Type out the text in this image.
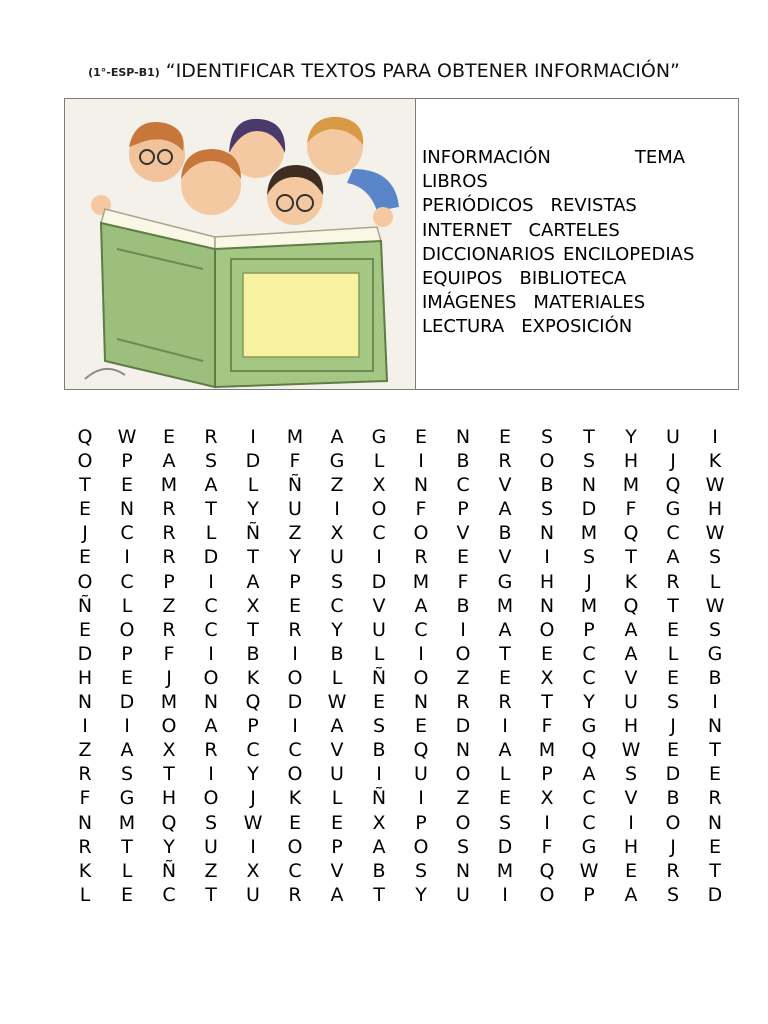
(1°-ESP-B1) “IDENTIFICAR TEXTOS PARA OBTENER INFORMACIÓN”
INFORMACIÓN	TEMA
LIBROS
PERIÓDICOS REVISTAS
INTERNET CARTELES
DICCIONARIOS ENCILOPEDIAS
EQUIPOS BIBLIOTECA
IMÁGENES MATERIALES
LECTURA EXPOSICIÓN
Q	W	E	R	I	M	A	G	E	N	E	S	T	Y	U	I
O	P	A	S	D	F	G	L	I	B	R	O	S	H	J	K
T	E	M	A	L	Ñ	Z	X	N	C	V	B	N	M	Q	W
E	N	R	T	Y	U	I	O	F	P	A	S	D	F	G	H
J	C	R	L	Ñ	Z	X	C	O	V	B	N	M	Q	C	W
E	I	R	D	T	Y	U	I	R	E	V	I	S	T	A	S
O	C	P	I	A	P	S	D	M	F	G	H	J	K	R	L
Ñ	L	Z	C	X	E	C	V	A	B	M	N	M	Q	T	W
E	O	R	C	T	R	Y	U	C	I	A	O	P	A	E	S
D	P	F	I	B	I	B	L	I	O	T	E	C	A	L	G
H	E	J	O	K	O	L	Ñ	O	Z	E	X	C	V	E	B
N	D	M	N	Q	D	W	E	N	R	R	T	Y	U	S	I
I	I	O	A	P	I	A	S	E	D	I	F	G	H	J	N
Z	A	X	R	C	C	V	B	Q	N	A	M	Q	W	E	T
R	S	T	I	Y	O	U	I	U	O	L	P	A	S	D	E
F	G	H	O	J	K	L	Ñ	I	Z	E	X	C	V	B	R
N	M	Q	S	W	E	E	X	P	O	S	I	C	I	O	N
R	T	Y	U	I	O	P	A	O	S	D	F	G	H	J	E
K	L	Ñ	Z	X	C	V	B	S	N	M	Q	W	E	R	T
L	E	C	T	U	R	A	T	Y	U	I	O	P	A	S	D
